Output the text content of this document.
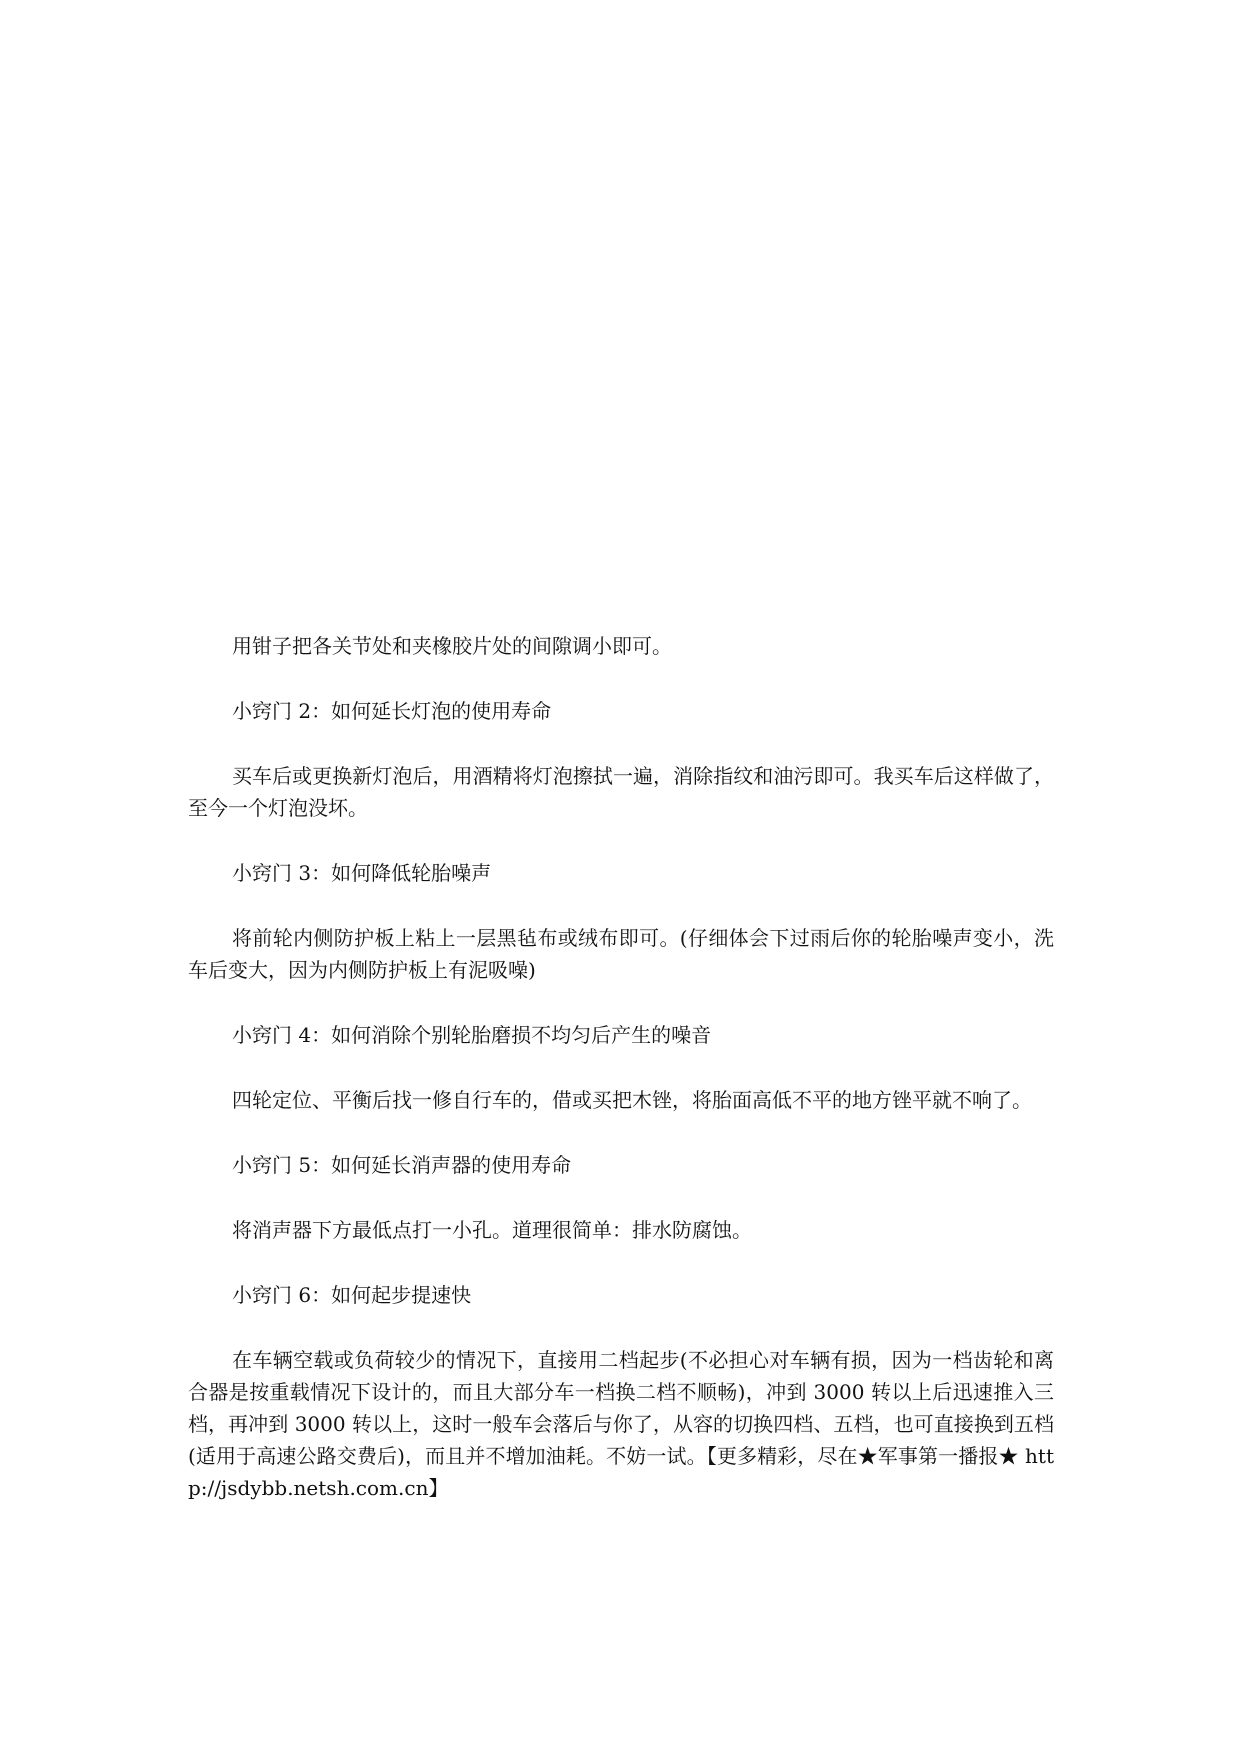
用钳子把各关节处和夹橡胶片处的间隙调小即可。

小窍门 2：如何延长灯泡的使用寿命

买车后或更换新灯泡后，用酒精将灯泡擦拭一遍，消除指纹和油污即可。我买车后这样做了，至今一个灯泡没坏。

小窍门 3：如何降低轮胎噪声

将前轮内侧防护板上粘上一层黑毡布或绒布即可。(仔细体会下过雨后你的轮胎噪声变小，洗车后变大，因为内侧防护板上有泥吸噪)

小窍门 4：如何消除个别轮胎磨损不均匀后产生的噪音

四轮定位、平衡后找一修自行车的，借或买把木锉，将胎面高低不平的地方锉平就不响了。

小窍门 5：如何延长消声器的使用寿命

将消声器下方最低点打一小孔。道理很简单：排水防腐蚀。

小窍门 6：如何起步提速快

在车辆空载或负荷较少的情况下，直接用二档起步(不必担心对车辆有损，因为一档齿轮和离合器是按重载情况下设计的，而且大部分车一档换二档不顺畅)，冲到 3000 转以上后迅速推入三档，再冲到 3000 转以上，这时一般车会落后与你了，从容的切换四档、五档，也可直接换到五档(适用于高速公路交费后)，而且并不增加油耗。不妨一试。【更多精彩，尽在★军事第一播报★ http://jsdybb.netsh.com.cn】
